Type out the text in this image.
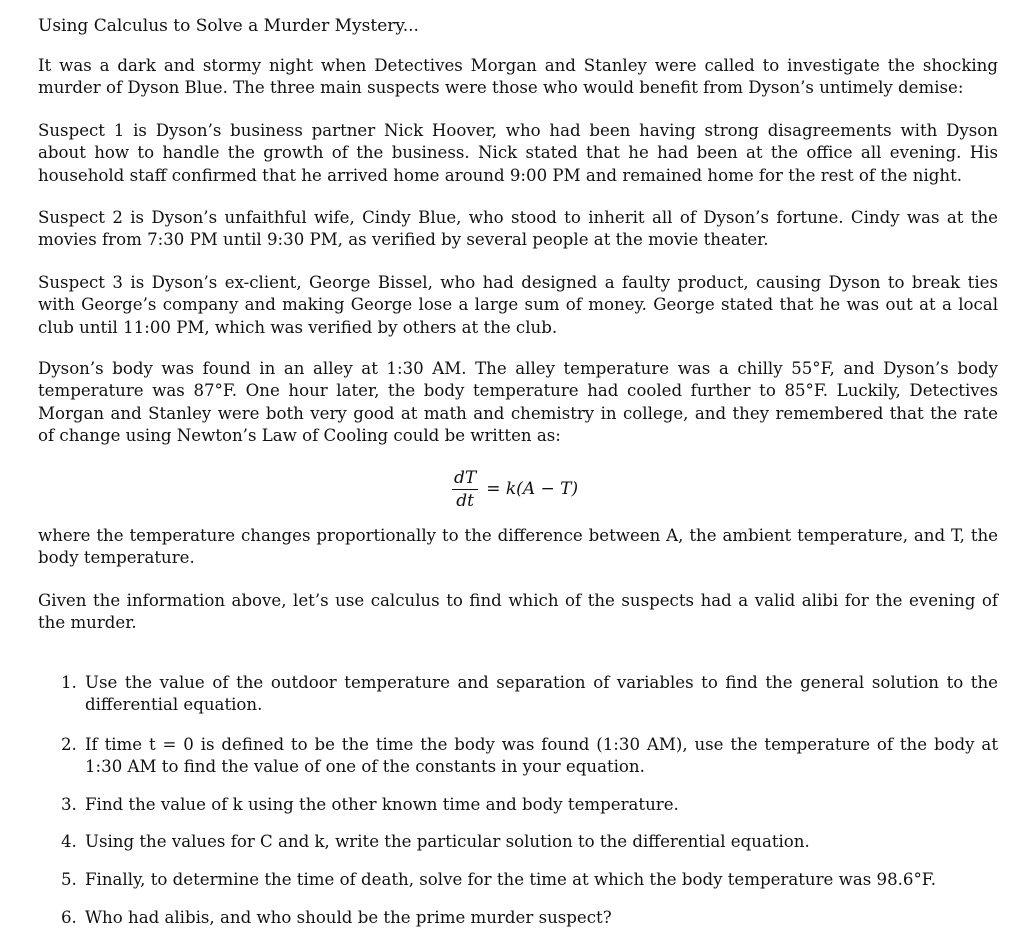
Using Calculus to Solve a Murder Mystery...

It was a dark and stormy night when Detectives Morgan and Stanley were called to investigate the shocking murder of Dyson Blue. The three main suspects were those who would benefit from Dyson’s untimely demise:

Suspect 1 is Dyson’s business partner Nick Hoover, who had been having strong disagreements with Dyson about how to handle the growth of the business. Nick stated that he had been at the office all evening. His household staff confirmed that he arrived home around 9:00 PM and remained home for the rest of the night.

Suspect 2 is Dyson’s unfaithful wife, Cindy Blue, who stood to inherit all of Dyson’s fortune. Cindy was at the movies from 7:30 PM until 9:30 PM, as verified by several people at the movie theater.

Suspect 3 is Dyson’s ex-client, George Bissel, who had designed a faulty product, causing Dyson to break ties with George’s company and making George lose a large sum of money. George stated that he was out at a local club until 11:00 PM, which was verified by others at the club.

Dyson’s body was found in an alley at 1:30 AM. The alley temperature was a chilly 55°F, and Dyson’s body temperature was 87°F. One hour later, the body temperature had cooled further to 85°F. Luckily, Detectives Morgan and Stanley were both very good at math and chemistry in college, and they remembered that the rate of change using Newton’s Law of Cooling could be written as:

$\frac{dT}{dt} = k(A - T)$

where the temperature changes proportionally to the difference between A, the ambient temperature, and T, the body temperature.

Given the information above, let’s use calculus to find which of the suspects had a valid alibi for the evening of the murder.

1. Use the value of the outdoor temperature and separation of variables to find the general solution to the differential equation.
2. If time t = 0 is defined to be the time the body was found (1:30 AM), use the temperature of the body at 1:30 AM to find the value of one of the constants in your equation.
3. Find the value of k using the other known time and body temperature.
4. Using the values for C and k, write the particular solution to the differential equation.
5. Finally, to determine the time of death, solve for the time at which the body temperature was 98.6°F.
6. Who had alibis, and who should be the prime murder suspect?
